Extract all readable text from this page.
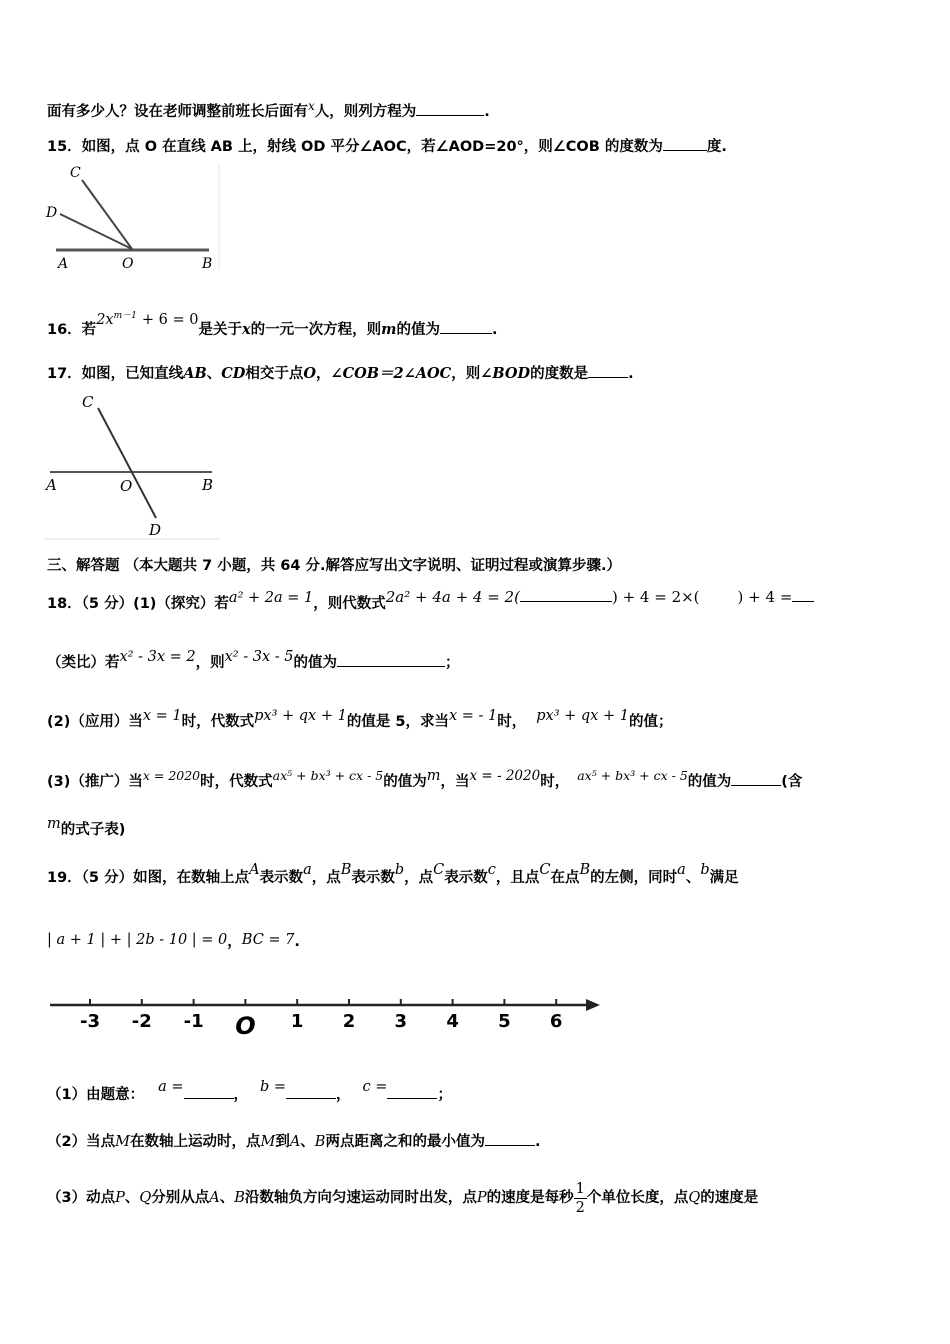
面有多少人？设在老师调整前班长后面有$^x$人，则列方程为	.
15．如图，点 O 在直线 AB 上，射线 OD 平分∠AOC，若∠AOD=20°，则∠COB 的度数为	度.
C
D
A	O	B
16．若$2x^{m-1} + 6 = 0$是关于x的一元一次方程，则m的值为	.
17．如图，已知直线AB、CD相交于点O，∠COB＝2∠AOC，则∠BOD的度数是	.
C
A	O	B
D
三、解答题 （本大题共 7 小题，共 64 分.解答应写出文字说明、证明过程或演算步骤.）
18．（5 分）(1)（探究）若a² + 2a = 1，则代数式2a² + 4a + 4 = 2(	) + 4 = 2×(	) + 4 =
（类比）若x² - 3x = 2，则x² - 3x - 5的值为	；
(2)（应用）当x = 1时，代数式px³ + qx + 1的值是 5，求当x = - 1时， px³ + qx + 1的值；
(3)（推广）当x = 2020时，代数式ax⁵ + bx³ + cx - 5的值为m，当x = - 2020时， ax⁵ + bx³ + cx - 5的值为	(含
m的式子表)
19．（5 分）如图，在数轴上点A表示数a，点B表示数b，点C表示数c，且点C在点B的左侧，同时a、b满足
| a + 1 | + | 2b - 10 | = 0，BC = 7.
-3 -2 -1 O 1 2 3 4 5 6
（1）由题意： a =	， b =	， c =	；
（2）当点M在数轴上运动时，点M到A、B两点距离之和的最小值为	.
（3）动点P、Q分别从点A、B沿数轴负方向匀速运动同时出发，点P的速度是每秒 $\frac{1}{2}$ 个单位长度，点Q的速度是
